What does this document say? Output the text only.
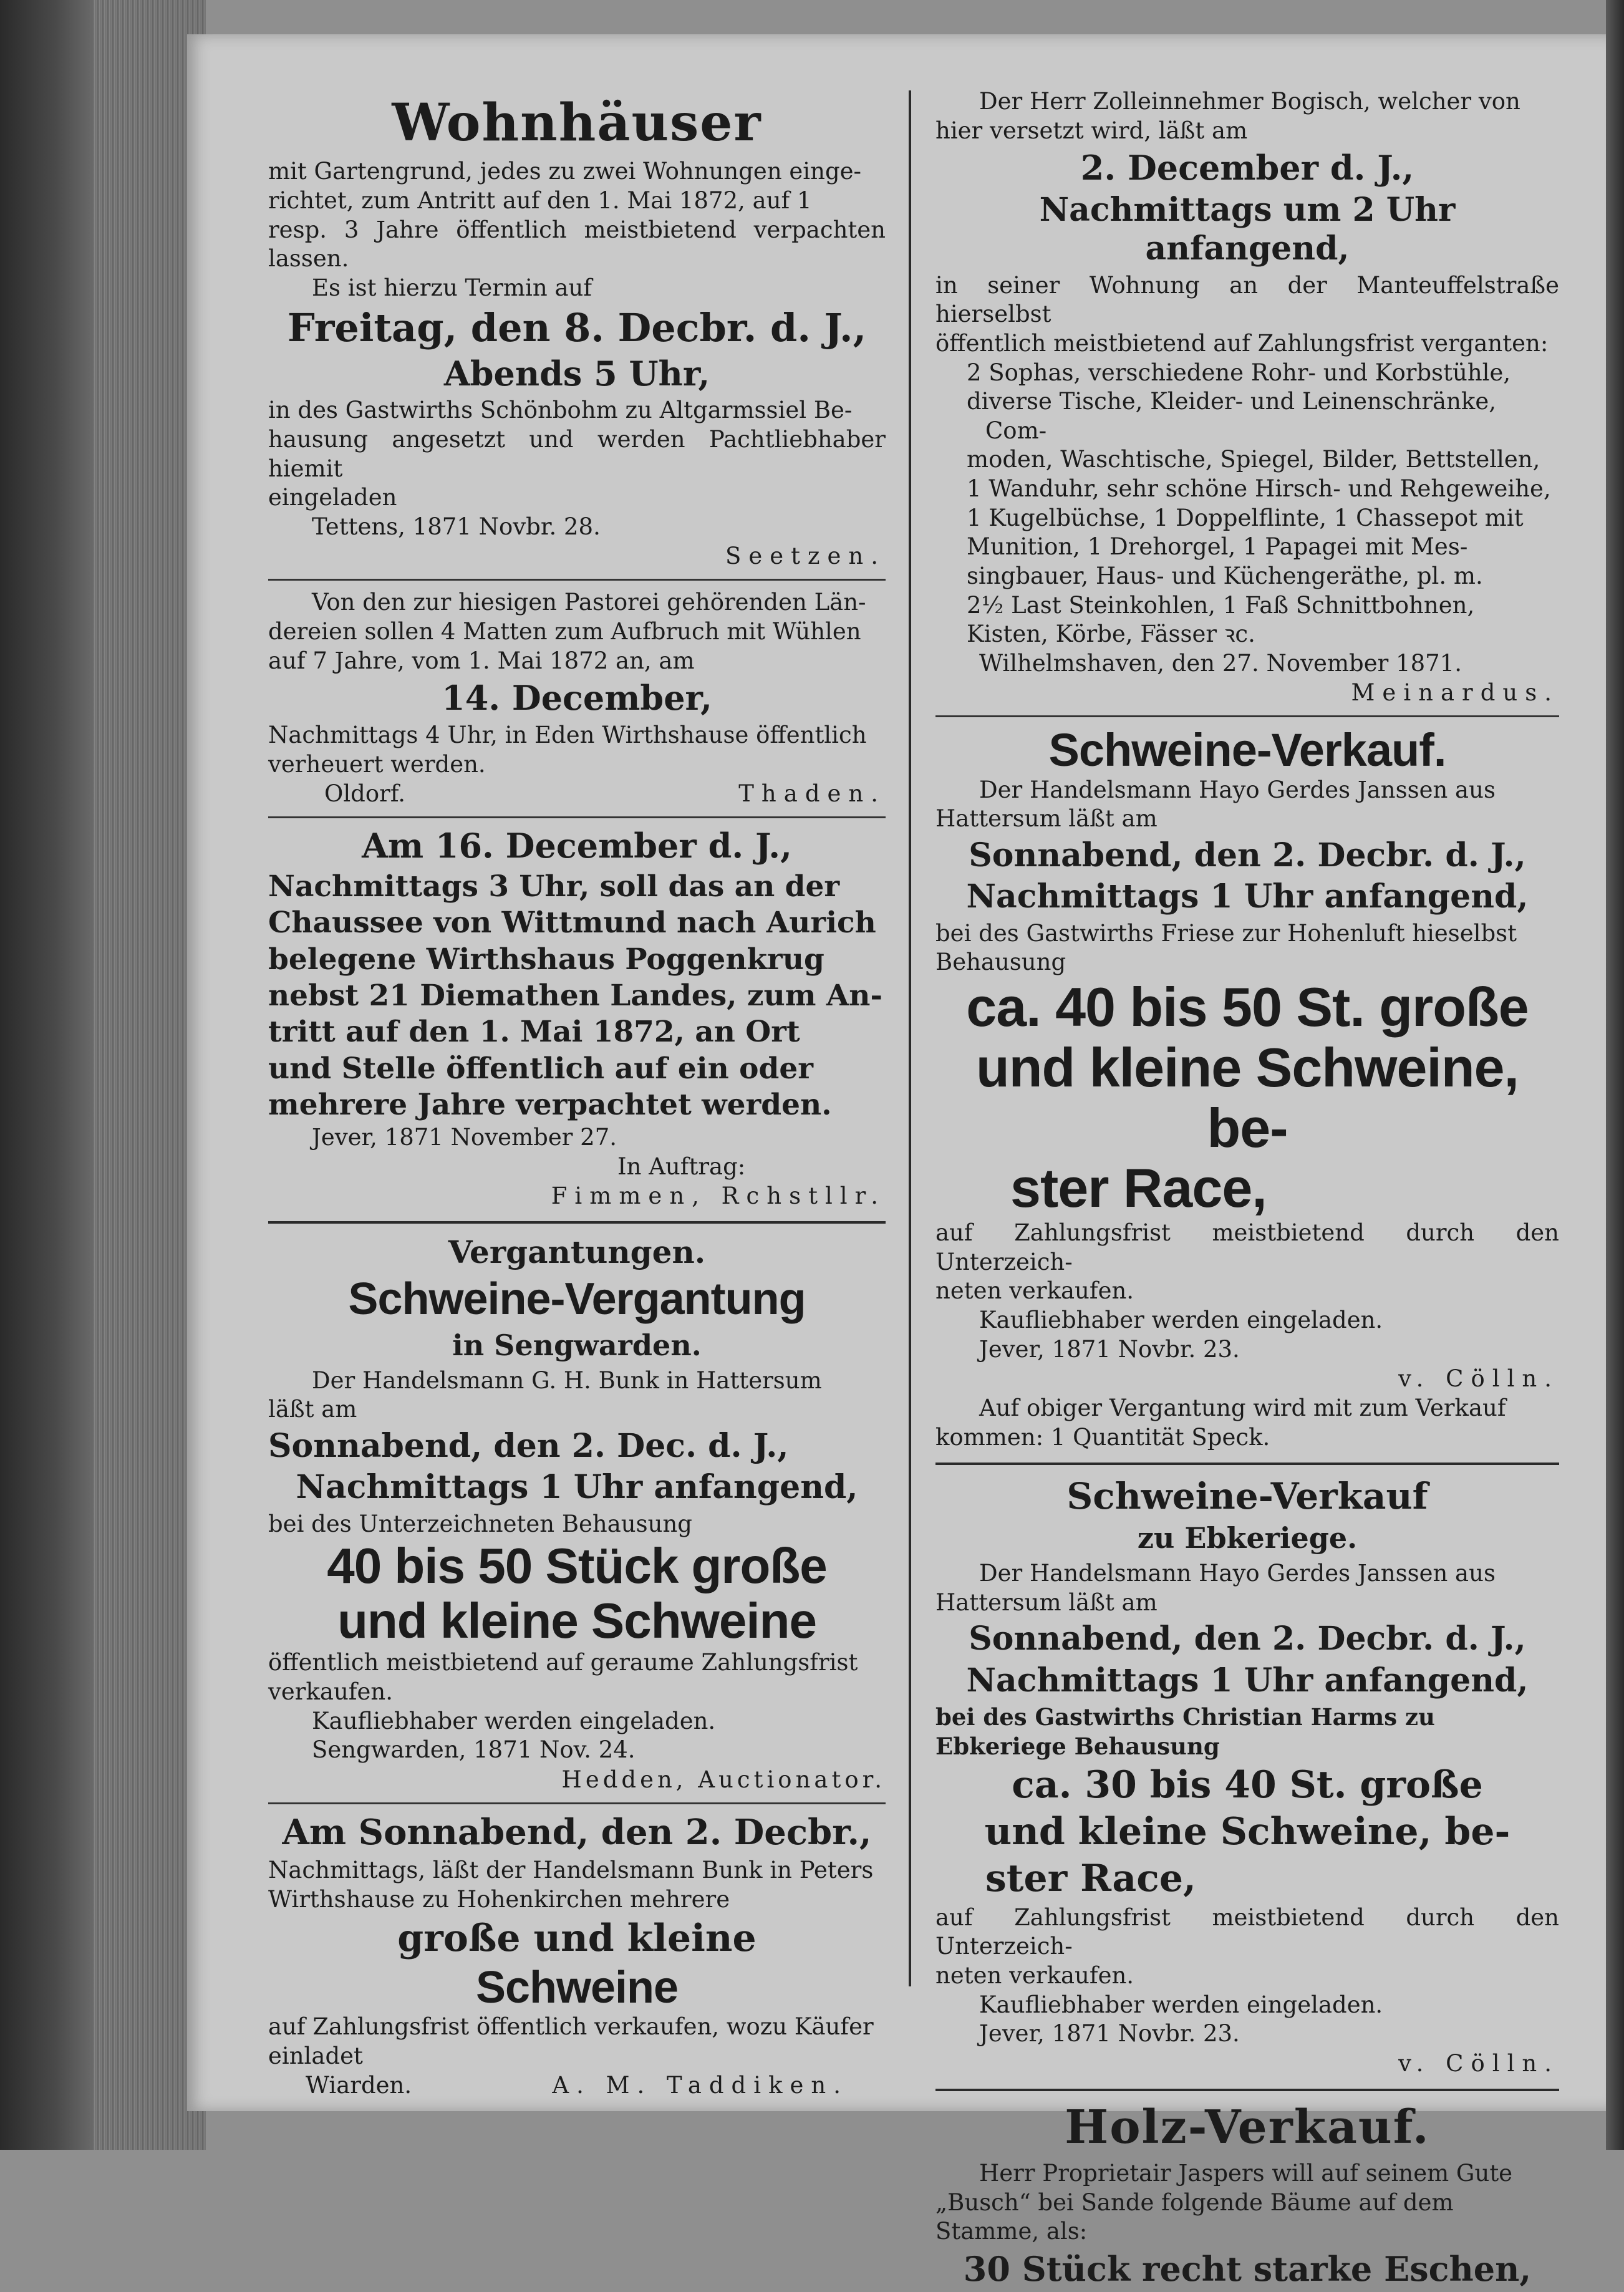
Wohnhäuser

mit Gartengrund, jedes zu zwei Wohnungen einge-

richtet, zum Antritt auf den 1. Mai 1872, auf 1

resp. 3 Jahre öffentlich meistbietend verpachten lassen.

Es ist hierzu Termin auf

Freitag, den 8. Decbr. d. J.,
Abends 5 Uhr,

in des Gastwirths Schönbohm zu Altgarmssiel Be-

hausung angesetzt und werden Pachtliebhaber hiemit

eingeladen

Tettens, 1871 Novbr. 28.

Seetzen.

Von den zur hiesigen Pastorei gehörenden Län-

dereien sollen 4 Matten zum Aufbruch mit Wühlen

auf 7 Jahre, vom 1. Mai 1872 an, am

14. December,

Nachmittags 4 Uhr, in Eden Wirthshause öffentlich

verheuert werden.

Oldorf.	Thaden.
Am 16. December d. J.,

Nachmittags 3 Uhr, soll das an der

Chaussee von Wittmund nach Aurich

belegene Wirthshaus Poggenkrug

nebst 21 Diemathen Landes, zum An-

tritt auf den 1. Mai 1872, an Ort

und Stelle öffentlich auf ein oder

mehrere Jahre verpachtet werden.

Jever, 1871 November 27.

In Auftrag:

Fimmen, Rchstllr.
Vergantungen.
Schweine-Vergantung
in Sengwarden.

Der Handelsmann G. H. Bunk in Hattersum

läßt am

Sonnabend, den 2. Dec. d. J.,
Nachmittags 1 Uhr anfangend,

bei des Unterzeichneten Behausung

40 bis 50 Stück große
und kleine Schweine

öffentlich meistbietend auf geraume Zahlungsfrist

verkaufen.

Kaufliebhaber werden eingeladen.

Sengwarden, 1871 Nov. 24.

Hedden, Auctionator.
Am Sonnabend, den 2. Decbr.,

Nachmittags, läßt der Handelsmann Bunk in Peters

Wirthshause zu Hohenkirchen mehrere

große und kleine
Schweine

auf Zahlungsfrist öffentlich verkaufen, wozu Käufer

einladet

Wiarden.	A. M. Taddiken.

Der Herr Zolleinnehmer Bogisch, welcher von

hier versetzt wird, läßt am

2. December d. J.,
Nachmittags um 2 Uhr anfangend,

in seiner Wohnung an der Manteuffelstraße hierselbst

öffentlich meistbietend auf Zahlungsfrist verganten:

2 Sophas, verschiedene Rohr- und Korbstühle,
diverse Tische, Kleider- und Leinenschränke, Com-
moden, Waschtische, Spiegel, Bilder, Bettstellen,
1 Wanduhr, sehr schöne Hirsch- und Rehgeweihe,
1 Kugelbüchse, 1 Doppelflinte, 1 Chassepot mit
Munition, 1 Drehorgel, 1 Papagei mit Mes-
singbauer, Haus- und Küchengeräthe, pl. m.
2½ Last Steinkohlen, 1 Faß Schnittbohnen,
Kisten, Körbe, Fässer ꝛc.

Wilhelmshaven, den 27. November 1871.

Meinardus.
Schweine-Verkauf.

Der Handelsmann Hayo Gerdes Janssen aus

Hattersum läßt am

Sonnabend, den 2. Decbr. d. J.,
Nachmittags 1 Uhr anfangend,

bei des Gastwirths Friese zur Hohenluft hieselbst

Behausung

ca. 40 bis 50 St. große
und kleine Schweine, be-
ster Race,

auf Zahlungsfrist meistbietend durch den Unterzeich-

neten verkaufen.

Kaufliebhaber werden eingeladen.

Jever, 1871 Novbr. 23.

v. Cölln.

Auf obiger Vergantung wird mit zum Verkauf

kommen: 1 Quantität Speck.

Schweine-Verkauf
zu Ebkeriege.

Der Handelsmann Hayo Gerdes Janssen aus

Hattersum läßt am

Sonnabend, den 2. Decbr. d. J.,
Nachmittags 1 Uhr anfangend,

bei des Gastwirths Christian Harms zu

Ebkeriege Behausung

ca. 30 bis 40 St. große
und kleine Schweine, be-
ster Race,

auf Zahlungsfrist meistbietend durch den Unterzeich-

neten verkaufen.

Kaufliebhaber werden eingeladen.

Jever, 1871 Novbr. 23.

v. Cölln.
Holz-Verkauf.

Herr Proprietair Jaspers will auf seinem Gute

„Busch“ bei Sande folgende Bäume auf dem

Stamme, als:

30 Stück recht starke Eschen,
